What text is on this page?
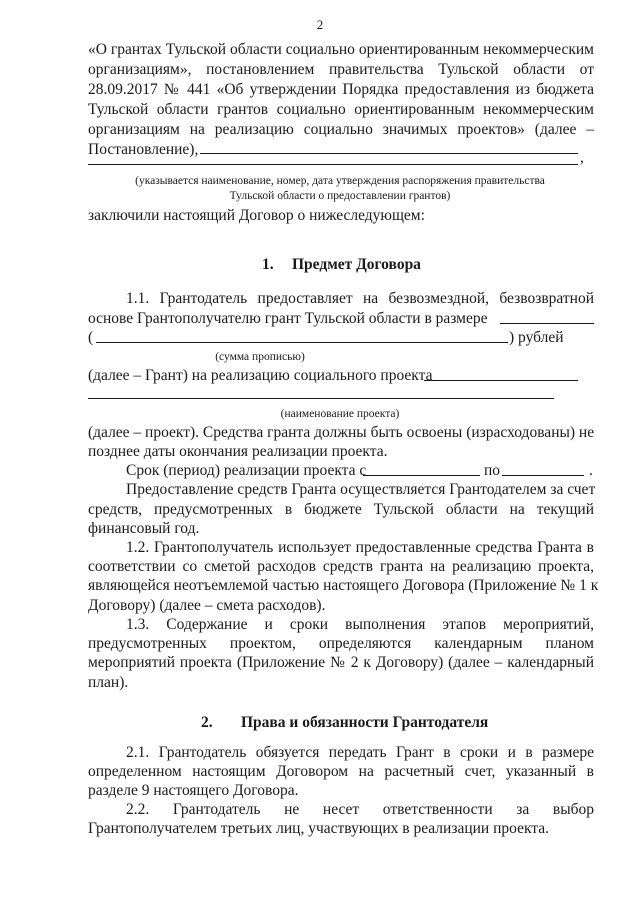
2
«О грантах Тульской области социально ориентированным некоммерческим
организациям», постановлением правительства Тульской области от
28.09.2017 № 441 «Об утверждении Порядка предоставления из бюджета
Тульской области грантов социально ориентированным некоммерческим
организациям на реализацию социально значимых проектов» (далее –
Постановление),	,
(указывается наименование, номер, дата утверждения распоряжения правительства
Тульской области о предоставлении грантов)
заключили настоящий Договор о нижеследующем:
1.	Предмет Договора
1.1. Грантодатель предоставляет на безвозмездной, безвозвратной
основе Грантополучателю грант Тульской области в размере
(	) рублей
(сумма прописью)
(далее – Грант) на реализацию социального проекта
(наименование проекта)
(далее – проект). Средства гранта должны быть освоены (израсходованы) не
позднее даты окончания реализации проекта.
Срок (период) реализации проекта с	по	.
Предоставление средств Гранта осуществляется Грантодателем за счет
средств, предусмотренных в бюджете Тульской области на текущий
финансовый год.
1.2. Грантополучатель использует предоставленные средства Гранта в
соответствии со сметой расходов средств гранта на реализацию проекта,
являющейся неотъемлемой частью настоящего Договора (Приложение № 1 к
Договору) (далее – смета расходов).
1.3. Содержание и сроки выполнения этапов мероприятий,
предусмотренных проектом, определяются календарным планом
мероприятий проекта (Приложение № 2 к Договору) (далее – календарный
план).
2.	Права и обязанности Грантодателя
2.1. Грантодатель обязуется передать Грант в сроки и в размере
определенном настоящим Договором на расчетный счет, указанный в
разделе 9 настоящего Договора.
2.2. Грантодатель не несет ответственности за выбор
Грантополучателем третьих лиц, участвующих в реализации проекта.
